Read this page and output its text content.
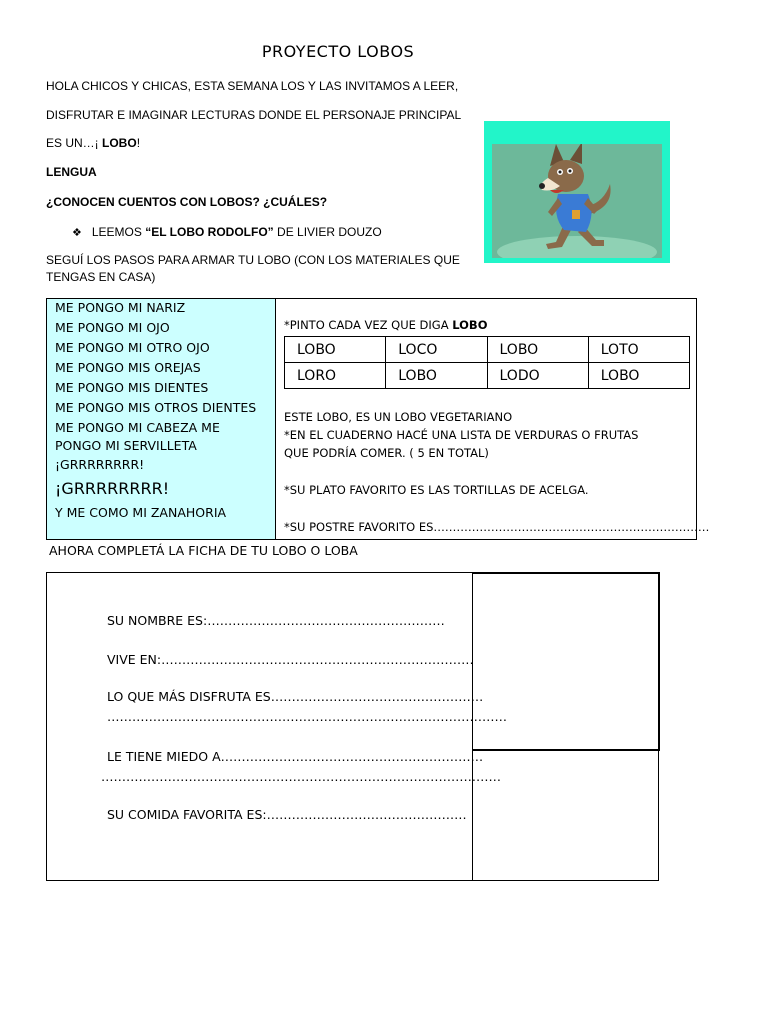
PROYECTO LOBOS
HOLA CHICOS Y CHICAS, ESTA SEMANA LOS Y LAS INVITAMOS A LEER,
DISFRUTAR E IMAGINAR LECTURAS DONDE EL PERSONAJE PRINCIPAL
ES UN…¡ LOBO!
LENGUA
¿CONOCEN CUENTOS CON LOBOS? ¿CUÁLES?
❖ LEEMOS “EL LOBO RODOLFO” DE LIVIER DOUZO
SEGUÍ LOS PASOS PARA ARMAR TU LOBO (CON LOS MATERIALES QUE
TENGAS EN CASA)
ME PONGO MI NARIZ
ME PONGO MI OJO
ME PONGO MI OTRO OJO
ME PONGO MIS OREJAS
ME PONGO MIS DIENTES
ME PONGO MIS OTROS DIENTES
ME PONGO MI CABEZA ME
PONGO MI SERVILLETA
¡GRRRRRRRR!
¡GRRRRRRRR!
Y ME COMO MI ZANAHORIA
*PINTO CADA VEZ QUE DIGA LOBO
LOBO	LOCO	LOBO	LOTO
LORO	LOBO	LODO	LOBO
ESTE LOBO, ES UN LOBO VEGETARIANO
*EN EL CUADERNO HACÉ UNA LISTA DE VERDURAS O FRUTAS
QUE PODRÍA COMER. ( 5 EN TOTAL)
*SU PLATO FAVORITO ES LAS TORTILLAS DE ACELGA.
*SU POSTRE FAVORITO ES………………………………………………………………
AHORA COMPLETÁ LA FICHA DE TU LOBO O LOBA
SU NOMBRE ES:…………………………………………………
VIVE EN:…………………………………………………………………
LO QUE MÁS DISFRUTA ES……………………………………………
……………………………………………………………………………………
LE TIENE MIEDO A………………………………………………………
……………………………………………………………………………………
SU COMIDA FAVORITA ES:…………………………………………
